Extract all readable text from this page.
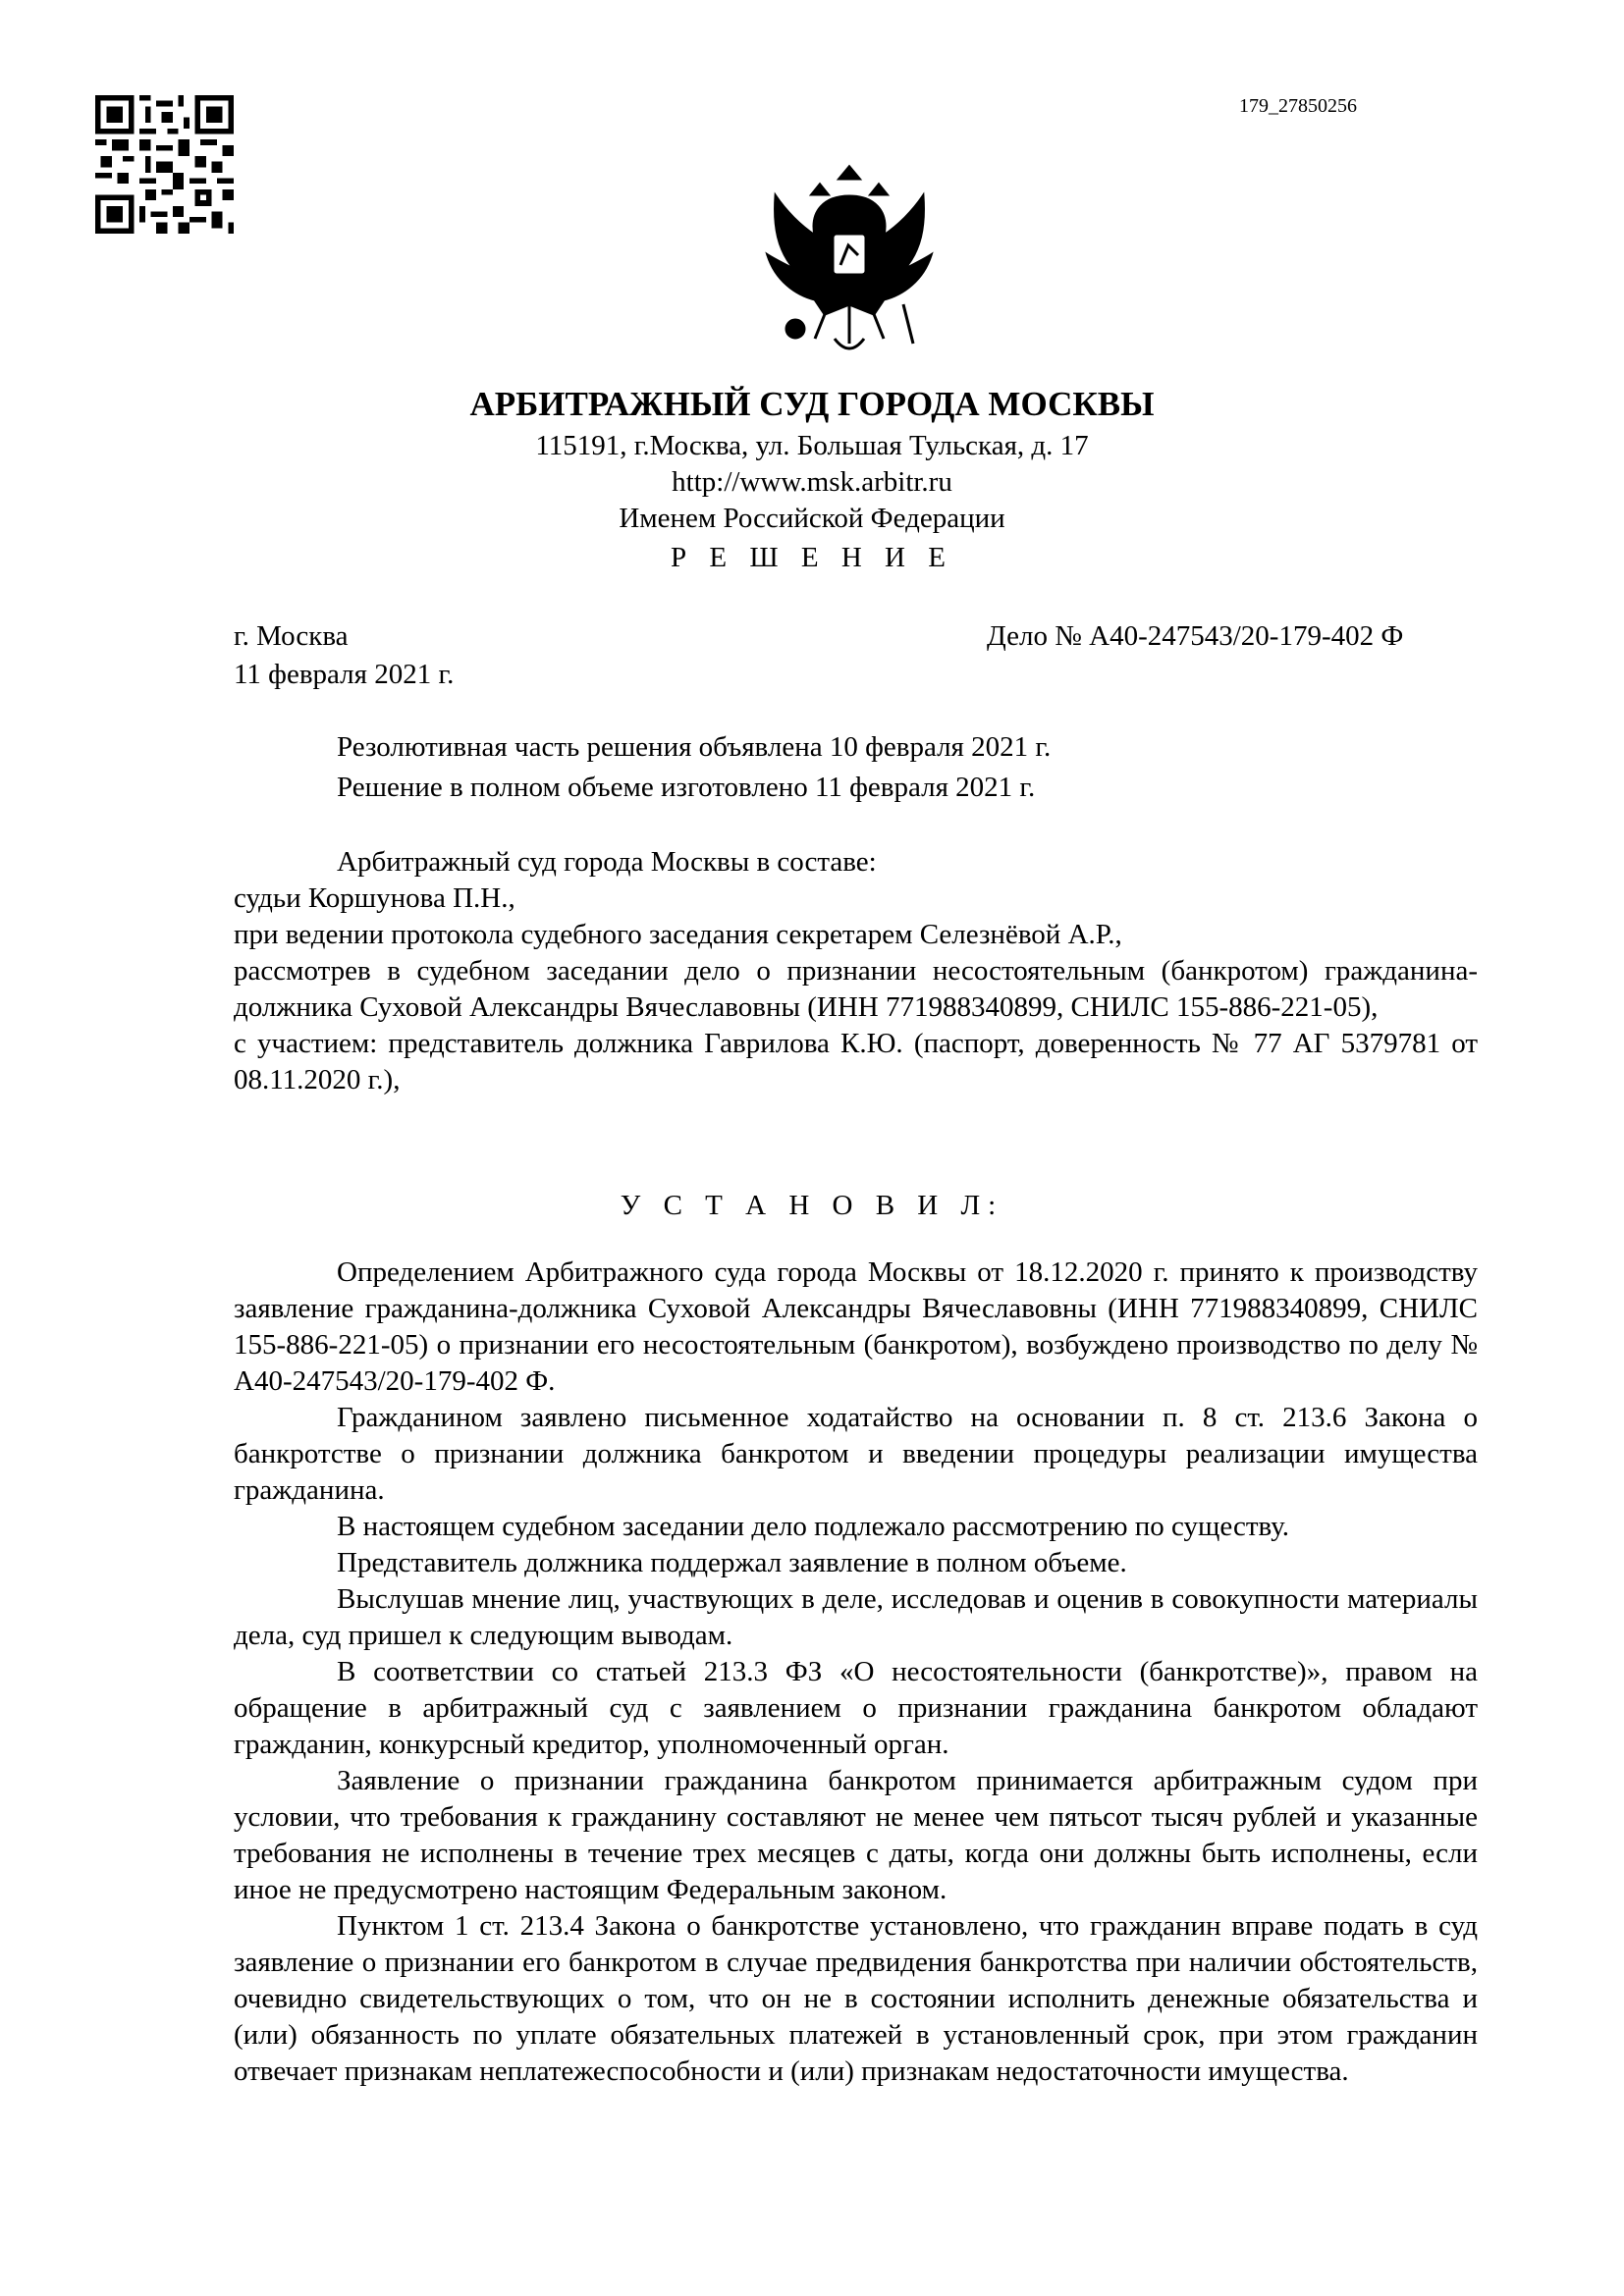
179_27850256
АРБИТРАЖНЫЙ СУД ГОРОДА МОСКВЫ
115191, г.Москва, ул. Большая Тульская, д. 17
http://www.msk.arbitr.ru
Именем Российской Федерации
Р Е Ш Е Н И Е
г. Москва	Дело № А40-247543/20-179-402 Ф
11 февраля 2021 г.
Резолютивная часть решения объявлена 10 февраля 2021 г.
Решение в полном объеме изготовлено 11 февраля 2021 г.

Арбитражный суд города Москвы в составе:

судьи Коршунова П.Н.,

при ведении протокола судебного заседания секретарем Селезнёвой А.Р.,

рассмотрев в судебном заседании дело о признании несостоятельным (банкротом) гражданина-должника Суховой Александры Вячеславовны (ИНН 771988340899, СНИЛС 155-886-221-05),

с участием: представитель должника Гаврилова К.Ю. (паспорт, доверенность № 77 АГ 5379781 от 08.11.2020 г.),

У С Т А Н О В И Л:

Определением Арбитражного суда города Москвы от 18.12.2020 г. принято к производству заявление гражданина-должника Суховой Александры Вячеславовны (ИНН 771988340899, СНИЛС 155-886-221-05) о признании его несостоятельным (банкротом), возбуждено производство по делу № А40-247543/20-179-402 Ф.

Гражданином заявлено письменное ходатайство на основании п. 8 ст. 213.6 Закона о банкротстве о признании должника банкротом и введении процедуры реализации имущества гражданина.

В настоящем судебном заседании дело подлежало рассмотрению по существу.

Представитель должника поддержал заявление в полном объеме.

Выслушав мнение лиц, участвующих в деле, исследовав и оценив в совокупности материалы дела, суд пришел к следующим выводам.

В соответствии со статьей 213.3 ФЗ «О несостоятельности (банкротстве)», правом на обращение в арбитражный суд с заявлением о признании гражданина банкротом обладают гражданин, конкурсный кредитор, уполномоченный орган.

Заявление о признании гражданина банкротом принимается арбитражным судом при условии, что требования к гражданину составляют не менее чем пятьсот тысяч рублей и указанные требования не исполнены в течение трех месяцев с даты, когда они должны быть исполнены, если иное не предусмотрено настоящим Федеральным законом.

Пунктом 1 ст. 213.4 Закона о банкротстве установлено, что гражданин вправе подать в суд заявление о признании его банкротом в случае предвидения банкротства при наличии обстоятельств, очевидно свидетельствующих о том, что он не в состоянии исполнить денежные обязательства и (или) обязанность по уплате обязательных платежей в установленный срок, при этом гражданин отвечает признакам неплатежеспособности и (или) признакам недостаточности имущества.
